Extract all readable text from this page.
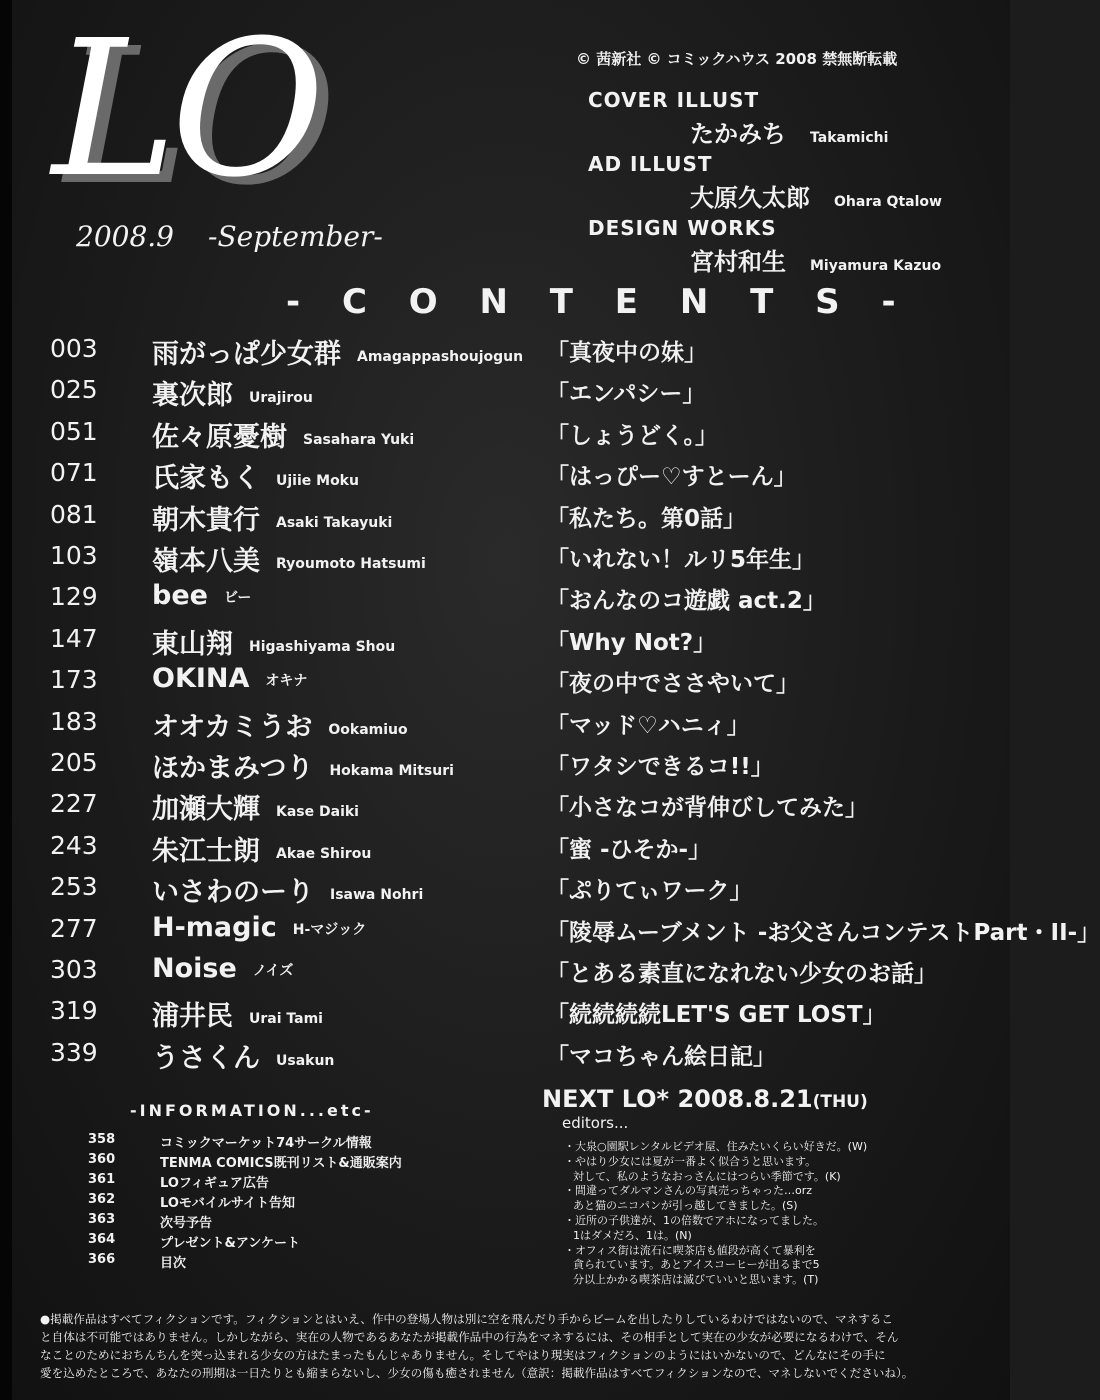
LO
2008.9 -September-
© 茜新社 © コミックハウス 2008 禁無断転載
COVER ILLUST
たかみち Takamichi
AD ILLUST
大原久太郎 Ohara Qtalow
DESIGN WORKS
宮村和生 Miyamura Kazuo
- C O N T E N T S -
003 雨がっぱ少女群 Amagappashoujogun 「真夜中の妹」
025 裏次郎 Urajirou	「エンパシー」
051 佐々原憂樹 Sasahara Yuki	「しょうどく。」
071 氏家もく Ujiie Moku	「はっぴー♡すとーん」
081 朝木貴行 Asaki Takayuki	「私たち。第0話」
103 嶺本八美 Ryoumoto Hatsumi	「いれない！ルリ5年生」
129 bee ビー	「おんなのコ遊戯 act.2」
147 東山翔 Higashiyama Shou	「Why Not?」
173 OKINA オキナ	「夜の中でささやいて」
183 オオカミうお Ookamiuo	「マッド♡ハニィ」
205 ほかまみつり Hokama Mitsuri	「ワタシできるコ!!」
227 加瀬大輝 Kase Daiki	「小さなコが背伸びしてみた」
243 朱江士朗 Akae Shirou	「蜜 -ひそか-」
253 いさわのーり Isawa Nohri	「ぷりてぃワーク」
277 H-magic H-マジック	「陵辱ムーブメント -お父さんコンテストPart・II-」
303 Noise ノイズ	「とある素直になれない少女のお話」
319 浦井民 Urai Tami	「続続続続LET'S GET LOST」
339 うさくん Usakun	「マコちゃん絵日記」
-INFORMATION...etc-
358	コミックマーケット74サークル情報
360	TENMA COMICS既刊リスト&通販案内
361	LOフィギュア広告
362	LOモバイルサイト告知
363	次号予告
364	プレゼント&アンケート
366	目次
NEXT LO* 2008.8.21(THU)
editors...
・大泉○園駅レンタルビデオ屋、住みたいくらい好きだ。(W)
・やはり少女には夏が一番よく似合うと思います。
対して、私のようなおっさんにはつらい季節です。(K)
・間違ってダルマンさんの写真売っちゃった…orz
あと猫のニコパンが引っ越してきました。(S)
・近所の子供達が、1の倍数でアホになってました。
1はダメだろ、1は。(N)
・オフィス街は流石に喫茶店も値段が高くて暴利を
貪られています。あとアイスコーヒーが出るまで5
分以上かかる喫茶店は滅びていいと思います。(T)
●掲載作品はすべてフィクションです。フィクションとはいえ、作中の登場人物は別に空を飛んだり手からビームを出したりしているわけではないので、マネするこ
と自体は不可能ではありません。しかしながら、実在の人物であるあなたが掲載作品中の行為をマネするには、その相手として実在の少女が必要になるわけで、そん
なことのためにおちんちんを突っ込まれる少女の方はたまったもんじゃありません。そしてやはり現実はフィクションのようにはいかないので、どんなにその手に
愛を込めたところで、あなたの刑期は一日たりとも縮まらないし、少女の傷も癒されません（意訳：掲載作品はすべてフィクションなので、マネしないでくださいね）。
